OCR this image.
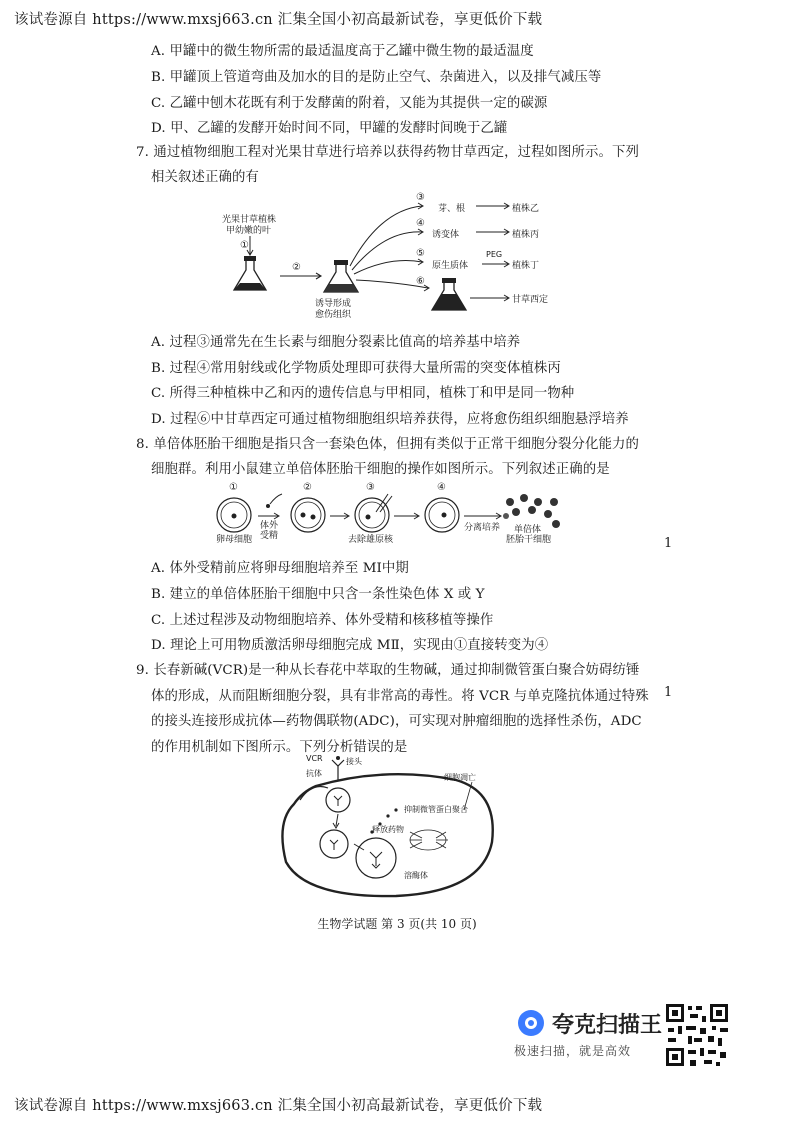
该试卷源自 https://www.mxsj663.cn 汇集全国小初高最新试卷，享更低价下载
A. 甲罐中的微生物所需的最适温度高于乙罐中微生物的最适温度
B. 甲罐顶上管道弯曲及加水的目的是防止空气、杂菌进入，以及排气减压等
C. 乙罐中刨木花既有利于发酵菌的附着，又能为其提供一定的碳源
D. 甲、乙罐的发酵开始时间不同，甲罐的发酵时间晚于乙罐
7. 通过植物细胞工程对光果甘草进行培养以获得药物甘草西定，过程如图所示。下列
相关叙述正确的有
光果甘草植株
甲幼嫩的叶
①
②
诱导形成
愈伤组织
③
④
⑤
⑥
芽、根	植株乙
诱变体	植株丙
原生质体
PEG
植株丁
甘草西定
A. 过程③通常先在生长素与细胞分裂素比值高的培养基中培养
B. 过程④常用射线或化学物质处理即可获得大量所需的突变体植株丙
C. 所得三种植株中乙和丙的遗传信息与甲相同，植株丁和甲是同一物种
D. 过程⑥中甘草西定可通过植物细胞组织培养获得，应将愈伤组织细胞悬浮培养
8. 单倍体胚胎干细胞是指只含一套染色体，但拥有类似于正常干细胞分裂分化能力的
细胞群。利用小鼠建立单倍体胚胎干细胞的操作如图所示。下列叙述正确的是
①	②	③	④
卵母细胞
体外
受精	去除雄原核
分离培养 单倍体
胚胎干细胞	1
A. 体外受精前应将卵母细胞培养至 MⅠ中期
B. 建立的单倍体胚胎干细胞中只含一条性染色体 X 或 Y
C. 上述过程涉及动物细胞培养、体外受精和核移植等操作
D. 理论上可用物质激活卵母细胞完成 MⅡ，实现由①直接转变为④
9. 长春新碱(VCR)是一种从长春花中萃取的生物碱，通过抑制微管蛋白聚合妨碍纺锤
体的形成，从而阻断细胞分裂，具有非常高的毒性。将 VCR 与单克隆抗体通过特殊
的接头连接形成抗体—药物偶联物(ADC)，可实现对肿瘤细胞的选择性杀伤，ADC
的作用机制如下图所示。下列分析错误的是
1
VCR	接头
抗体	细胞凋亡
抑制微管蛋白聚合
释放药物
溶酶体
生物学试题 第 3 页(共 10 页)
夸克扫描王
极速扫描，就是高效
该试卷源自 https://www.mxsj663.cn 汇集全国小初高最新试卷，享更低价下载
